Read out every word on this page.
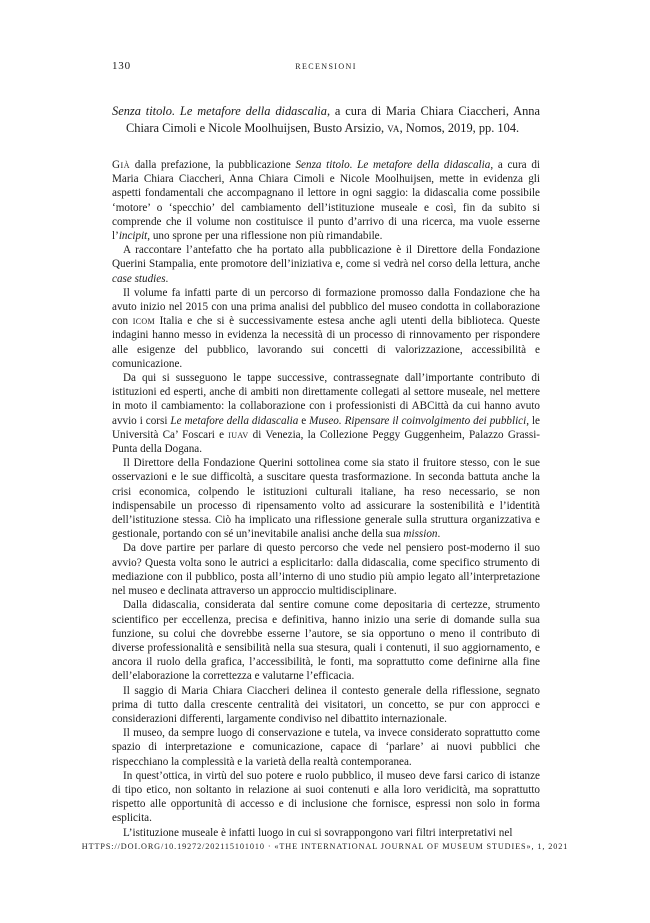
130	recensioni
Senza titolo. Le metafore della didascalia, a cura di Maria Chiara Ciaccheri, Anna Chiara Cimoli e Nicole Moolhuijsen, Busto Arsizio, va, Nomos, 2019, pp. 104.

Già dalla prefazione, la pubblicazione Senza titolo. Le metafore della didascalia, a cura di Maria Chiara Ciaccheri, Anna Chiara Cimoli e Nicole Moolhuijsen, mette in evidenza gli aspetti fondamentali che accompagnano il lettore in ogni saggio: la didascalia come possibile ‘motore’ o ‘specchio’ del cambiamento dell’istituzione museale e così, fin da subito si comprende che il volume non costituisce il punto d’arrivo di una ricerca, ma vuole esserne l’incipit, uno sprone per una riflessione non più rimandabile.

A raccontare l’antefatto che ha portato alla pubblicazione è il Direttore della Fondazione Querini Stampalia, ente promotore dell’iniziativa e, come si vedrà nel corso della lettura, anche case studies.

Il volume fa infatti parte di un percorso di formazione promosso dalla Fondazione che ha avuto inizio nel 2015 con una prima analisi del pubblico del museo condotta in collaborazione con icom Italia e che si è successivamente estesa anche agli utenti della biblioteca. Queste indagini hanno messo in evidenza la necessità di un processo di rinnovamento per rispondere alle esigenze del pubblico, lavorando sui concetti di valorizzazione, accessibilità e comunicazione.

Da qui si susseguono le tappe successive, contrassegnate dall’importante contributo di istituzioni ed esperti, anche di ambiti non direttamente collegati al settore museale, nel mettere in moto il cambiamento: la collaborazione con i professionisti di ABCittà da cui hanno avuto avvio i corsi Le metafore della didascalia e Museo. Ripensare il coinvolgimento dei pubblici, le Università Ca’ Foscari e iuav di Venezia, la Collezione Peggy Guggenheim, Palazzo Grassi-Punta della Dogana.

Il Direttore della Fondazione Querini sottolinea come sia stato il fruitore stesso, con le sue osservazioni e le sue difficoltà, a suscitare questa trasformazione. In seconda battuta anche la crisi economica, colpendo le istituzioni culturali italiane, ha reso necessario, se non indispensabile un processo di ripensamento volto ad assicurare la sostenibilità e l’identità dell’istituzione stessa. Ciò ha implicato una riflessione generale sulla struttura organizzativa e gestionale, portando con sé un’inevitabile analisi anche della sua mission.

Da dove partire per parlare di questo percorso che vede nel pensiero post-moderno il suo avvio? Questa volta sono le autrici a esplicitarlo: dalla didascalia, come specifico strumento di mediazione con il pubblico, posta all’interno di uno studio più ampio legato all’interpretazione nel museo e declinata attraverso un approccio multidisciplinare.

Dalla didascalia, considerata dal sentire comune come depositaria di certezze, strumento scientifico per eccellenza, precisa e definitiva, hanno inizio una serie di domande sulla sua funzione, su colui che dovrebbe esserne l’autore, se sia opportuno o meno il contributo di diverse professionalità e sensibilità nella sua stesura, quali i contenuti, il suo aggiornamento, e ancora il ruolo della grafica, l’accessibilità, le fonti, ma soprattutto come definirne alla fine dell’elaborazione la correttezza e valutarne l’efficacia.

Il saggio di Maria Chiara Ciaccheri delinea il contesto generale della riflessione, segnato prima di tutto dalla crescente centralità dei visitatori, un concetto, se pur con approcci e considerazioni differenti, largamente condiviso nel dibattito internazionale.

Il museo, da sempre luogo di conservazione e tutela, va invece considerato soprattutto come spazio di interpretazione e comunicazione, capace di ‘parlare’ ai nuovi pubblici che rispecchiano la complessità e la varietà della realtà contemporanea.

In quest’ottica, in virtù del suo potere e ruolo pubblico, il museo deve farsi carico di istanze di tipo etico, non soltanto in relazione ai suoi contenuti e alla loro veridicità, ma soprattutto rispetto alle opportunità di accesso e di inclusione che fornisce, espressi non solo in forma esplicita.

L’istituzione museale è infatti luogo in cui si sovrappongono vari filtri interpretativi nel

HTTPS://DOI.ORG/10.19272/202115101010 · «THE INTERNATIONAL JOURNAL OF MUSEUM STUDIES», 1, 2021
